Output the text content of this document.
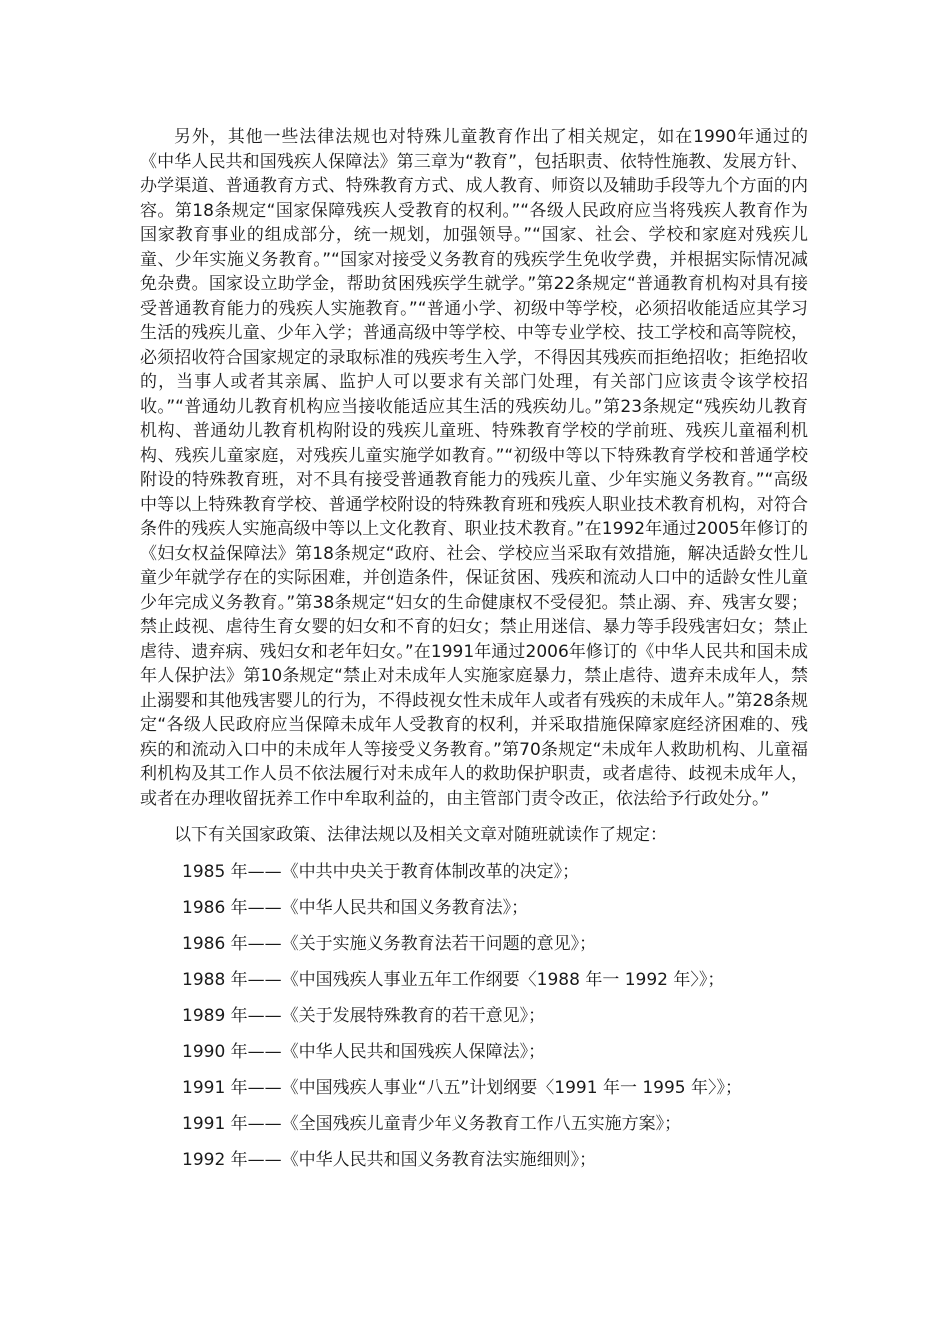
另外，其他一些法律法规也对特殊儿童教育作出了相关规定，如在1990年通过的《中华人民共和国残疾人保障法》第三章为“教育”，包括职责、依特性施教、发展方针、办学渠道、普通教育方式、特殊教育方式、成人教育、师资以及辅助手段等九个方面的内容。第18条规定“国家保障残疾人受教育的权利。”“各级人民政府应当将残疾人教育作为国家教育事业的组成部分，统一规划，加强领导。”“国家、社会、学校和家庭对残疾儿童、少年实施义务教育。”“国家对接受义务教育的残疾学生免收学费，并根据实际情况减免杂费。国家设立助学金，帮助贫困残疾学生就学。”第22条规定“普通教育机构对具有接受普通教育能力的残疾人实施教育。”“普通小学、初级中等学校，必须招收能适应其学习生活的残疾儿童、少年入学；普通高级中等学校、中等专业学校、技工学校和高等院校，必须招收符合国家规定的录取标准的残疾考生入学，不得因其残疾而拒绝招收；拒绝招收的，当事人或者其亲属、监护人可以要求有关部门处理，有关部门应该责令该学校招收。”“普通幼儿教育机构应当接收能适应其生活的残疾幼儿。”第23条规定“残疾幼儿教育机构、普通幼儿教育机构附设的残疾儿童班、特殊教育学校的学前班、残疾儿童福利机构、残疾儿童家庭，对残疾儿童实施学如教育。”“初级中等以下特殊教育学校和普通学校附设的特殊教育班，对不具有接受普通教育能力的残疾儿童、少年实施义务教育。”“高级中等以上特殊教育学校、普通学校附设的特殊教育班和残疾人职业技术教育机构，对符合条件的残疾人实施高级中等以上文化教育、职业技术教育。”在1992年通过2005年修订的《妇女权益保障法》第18条规定“政府、社会、学校应当采取有效措施，解决适龄女性儿童少年就学存在的实际困难，并创造条件，保证贫困、残疾和流动人口中的适龄女性儿童少年完成义务教育。”第38条规定“妇女的生命健康权不受侵犯。禁止溺、弃、残害女婴；禁止歧视、虐待生育女婴的妇女和不育的妇女；禁止用迷信、暴力等手段残害妇女；禁止虐待、遗弃病、残妇女和老年妇女。”在1991年通过2006年修订的《中华人民共和国未成年人保护法》第10条规定“禁止对未成年人实施家庭暴力，禁止虐待、遗弃未成年人，禁止溺婴和其他残害婴儿的行为，不得歧视女性未成年人或者有残疾的未成年人。”第28条规定“各级人民政府应当保障未成年人受教育的权利，并采取措施保障家庭经济困难的、残疾的和流动入口中的未成年人等接受义务教育。”第70条规定“未成年人救助机构、儿童福利机构及其工作人员不依法履行对未成年人的救助保护职责，或者虐待、歧视未成年人，或者在办理收留抚养工作中牟取利益的，由主管部门责令改正，依法给予行政处分。”

以下有关国家政策、法律法规以及相关文章对随班就读作了规定：

1985 年——《中共中央关于教育体制改革的决定》；
1986 年——《中华人民共和国义务教育法》；
1986 年——《关于实施义务教育法若干问题的意见》；
1988 年——《中国残疾人事业五年工作纲要〈1988 年一 1992 年〉》；
1989 年——《关于发展特殊教育的若干意见》；
1990 年——《中华人民共和国残疾人保障法》；
1991 年——《中国残疾人事业“八五”计划纲要〈1991 年一 1995 年〉》；
1991 年——《全国残疾儿童青少年义务教育工作八五实施方案》；
1992 年——《中华人民共和国义务教育法实施细则》；
